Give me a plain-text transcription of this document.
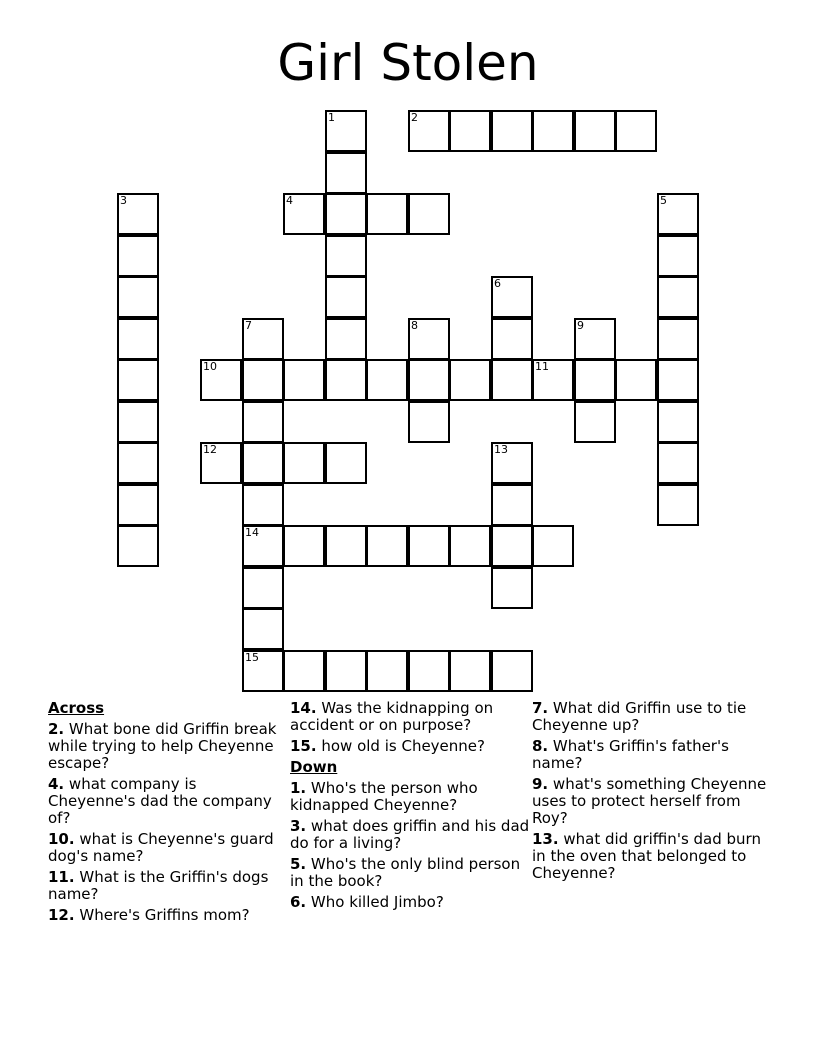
Girl Stolen
1	2
3	4	5
6
7	8	9
10	11
12	13
14
15
Across
2. What bone did Griffin break while trying to help Cheyenne escape?
4. what company is Cheyenne's dad the company of?
10. what is Cheyenne's guard dog's name?
11. What is the Griffin's dogs name?
12. Where's Griffins mom?
14. Was the kidnapping on accident or on purpose?
15. how old is Cheyenne?
Down
1. Who's the person who kidnapped Cheyenne?
3. what does griffin and his dad do for a living?
5. Who's the only blind person in the book?
6. Who killed Jimbo?
7. What did Griffin use to tie Cheyenne up?
8. What's Griffin's father's name?
9. what's something Cheyenne uses to protect herself from Roy?
13. what did griffin's dad burn in the oven that belonged to Cheyenne?
